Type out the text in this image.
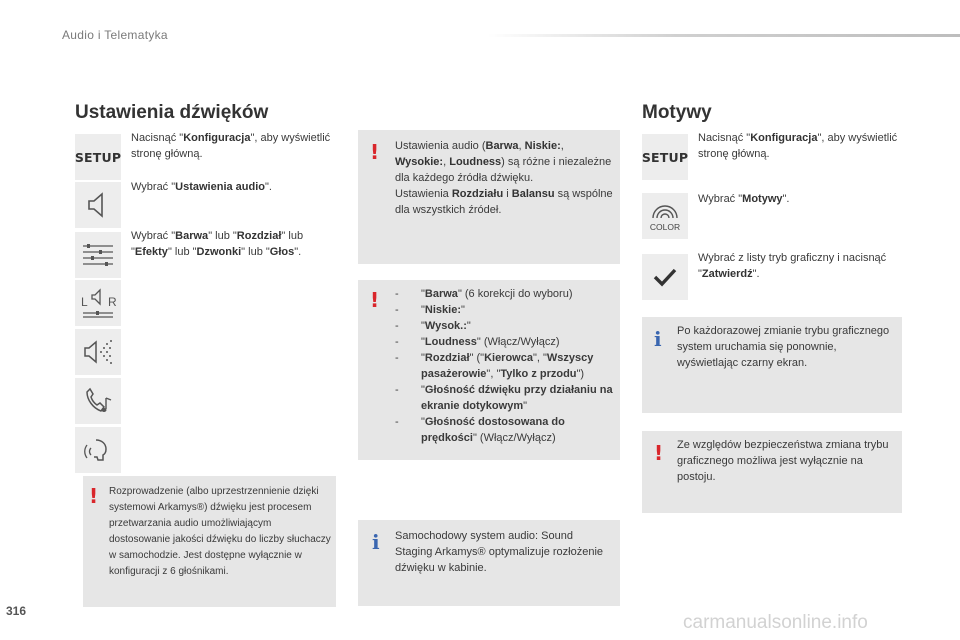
Audio i Telematyka
Ustawienia dźwięków
SETUP
Nacisnąć "Konfiguracja", aby wyświetlić stronę główną.
Wybrać "Ustawienia audio".
Wybrać "Barwa" lub "Rozdział" lub "Efekty" lub "Dzwonki" lub "Głos".
L R
! Rozprowadzenie (albo uprzestrzennienie dzięki systemowi Arkamys®) dźwięku jest procesem przetwarzania audio umożliwiającym dostosowanie jakości dźwięku do liczby słuchaczy w samochodzie. Jest dostępne wyłącznie w konfiguracji z 6 głośnikami.
! Ustawienia audio (Barwa, Niskie:, Wysokie:, Loudness) są różne i niezależne dla każdego źródła dźwięku.
Ustawienia Rozdziału i Balansu są wspólne dla wszystkich źródeł.
! - "Barwa" (6 korekcji do wyboru)
- "Niskie:"
- "Wysok.:"
- "Loudness" (Włącz/Wyłącz)
- "Rozdział" ("Kierowca", "Wszyscy pasażerowie", "Tylko z przodu")
- "Głośność dźwięku przy działaniu na ekranie dotykowym"
- "Głośność dostosowana do prędkości" (Włącz/Wyłącz)
i Samochodowy system audio: Sound Staging Arkamys® optymalizuje rozłożenie dźwięku w kabinie.
Motywy
SETUP
Nacisnąć "Konfiguracja", aby wyświetlić stronę główną.
COLOR
Wybrać "Motywy".
Wybrać z listy tryb graficzny i nacisnąć "Zatwierdź".
i Po każdorazowej zmianie trybu graficznego system uruchamia się ponownie, wyświetlając czarny ekran.
! Ze względów bezpieczeństwa zmiana trybu graficznego możliwa jest wyłącznie na postoju.
316
carmanualsonline.info
